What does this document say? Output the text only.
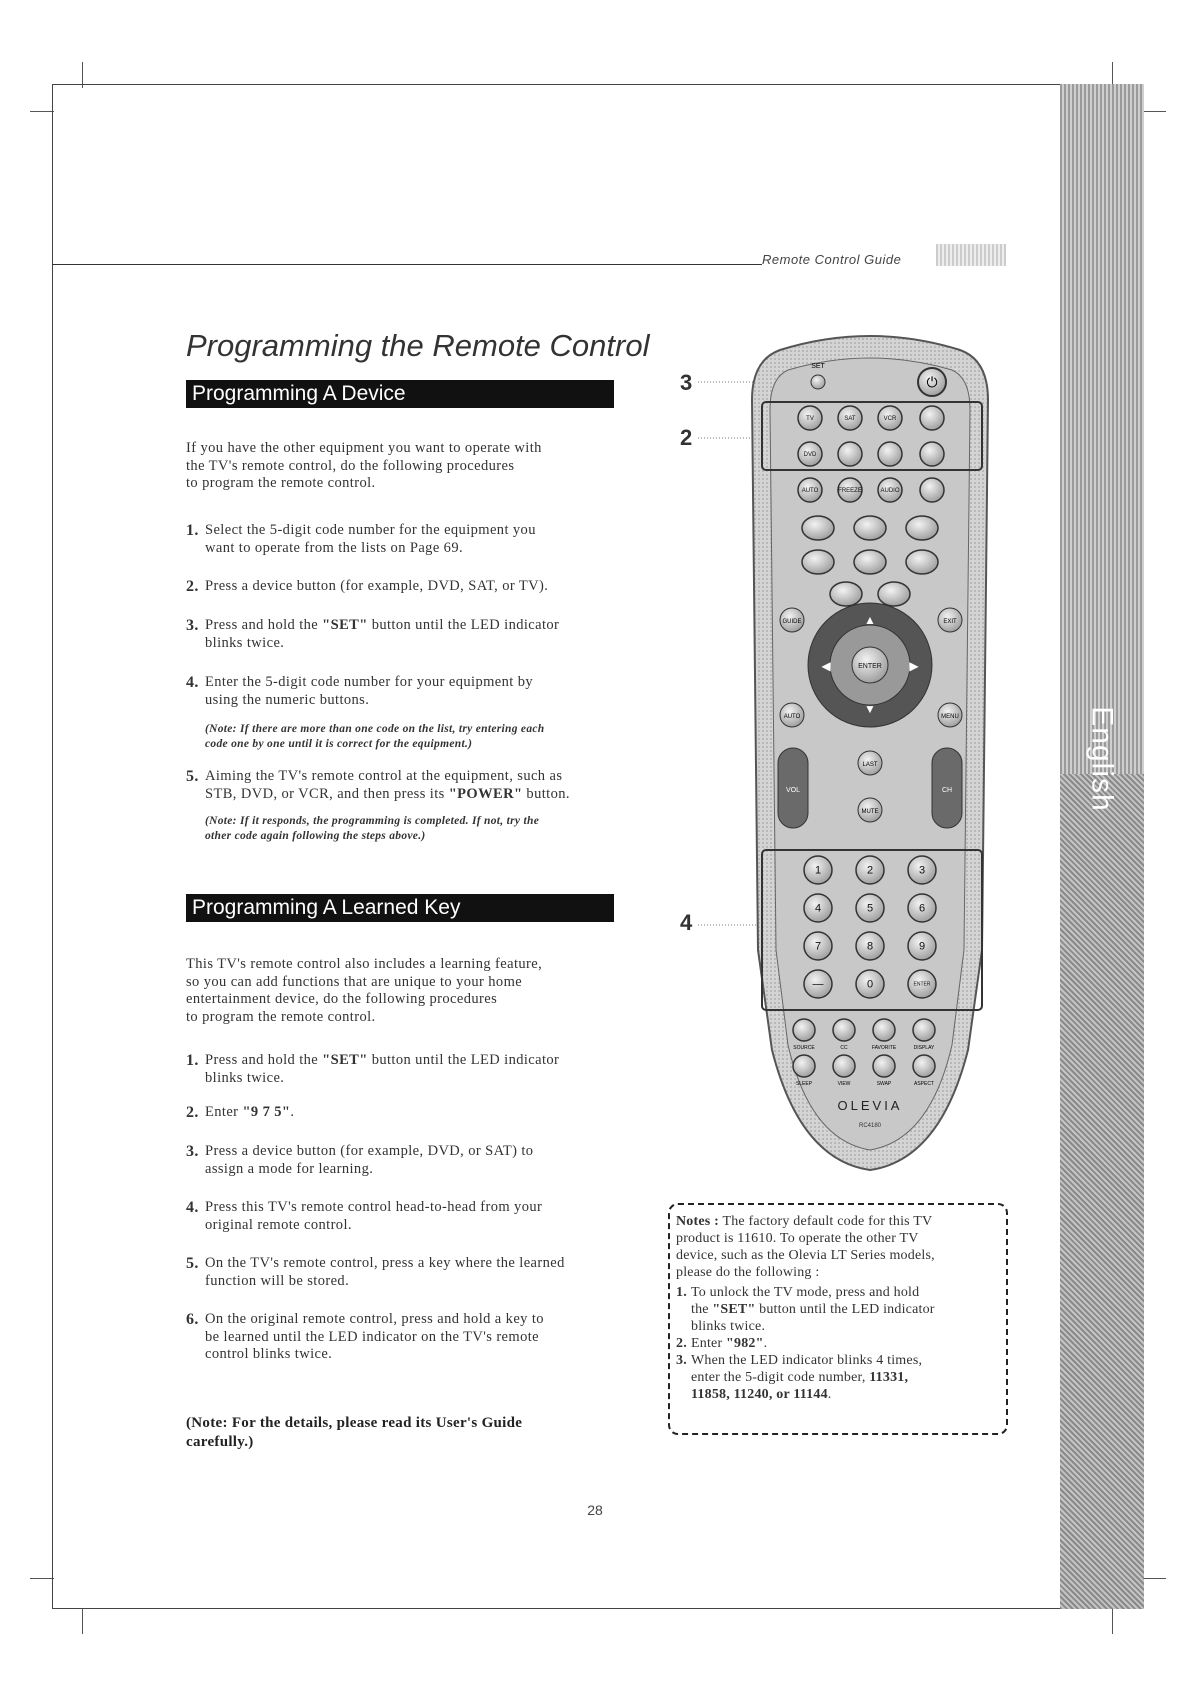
English
Remote Control Guide
Programming the Remote Control
Programming A Device
If you have the other equipment you want to operate with
the TV's remote control, do the following procedures
to program the remote control.
1. Select the 5-digit code number for the equipment you
want to operate from the lists on Page 69.
2. Press a device button (for example, DVD, SAT, or TV).
3. Press and hold the "SET" button until the LED indicator
blinks twice.
4. Enter the 5-digit code number for your equipment by
using the numeric buttons.
(Note: If there are more than one code on the list, try entering each
code one by one until it is correct for the equipment.)
5. Aiming the TV's remote control at the equipment, such as
STB, DVD, or VCR, and then press its "POWER" button.
(Note: If it responds, the programming is completed. If not, try the
other code again following the steps above.)
Programming A Learned Key
This TV's remote control also includes a learning feature,
so you can add functions that are unique to your home
entertainment device, do the following procedures
to program the remote control.
1. Press and hold the "SET" button until the LED indicator
blinks twice.
2. Enter "9 7 5".
3. Press a device button (for example, DVD, or SAT) to
assign a mode for learning.
4. Press this TV's remote control head-to-head from your
original remote control.
5. On the TV's remote control, press a key where the learned
function will be stored.
6. On the original remote control, press and hold a key to
be learned until the LED indicator on the TV's remote
control blinks twice.
(Note: For the details, please read its User's Guide
carefully.)
Notes : The factory default code for this TV
product is 11610. To operate the other TV
device, such as the Olevia LT Series models,
please do the following :
1. To unlock the TV mode, press and hold
the "SET" button until the LED indicator
blinks twice.
2. Enter "982".
3. When the LED indicator blinks 4 times,
enter the 5-digit code number, 11331,
11858, 11240, or 11144.
3
2
4
SET
⏻
TV	SAT	VCR
DVD
AUTO	FREEZE	AUDIO
ENTER
▲
▼
◀	▶
GUIDE	EXIT
AUTO	MENU
VOL	CH
LAST
MUTE
1	2	3
4	5	6
7	8	9
—	0	ENTER
SOURCE	CC	FAVORITE	DISPLAY
SLEEP	VIEW	SWAP	ASPECT
OLEVIA
RC4180
28
